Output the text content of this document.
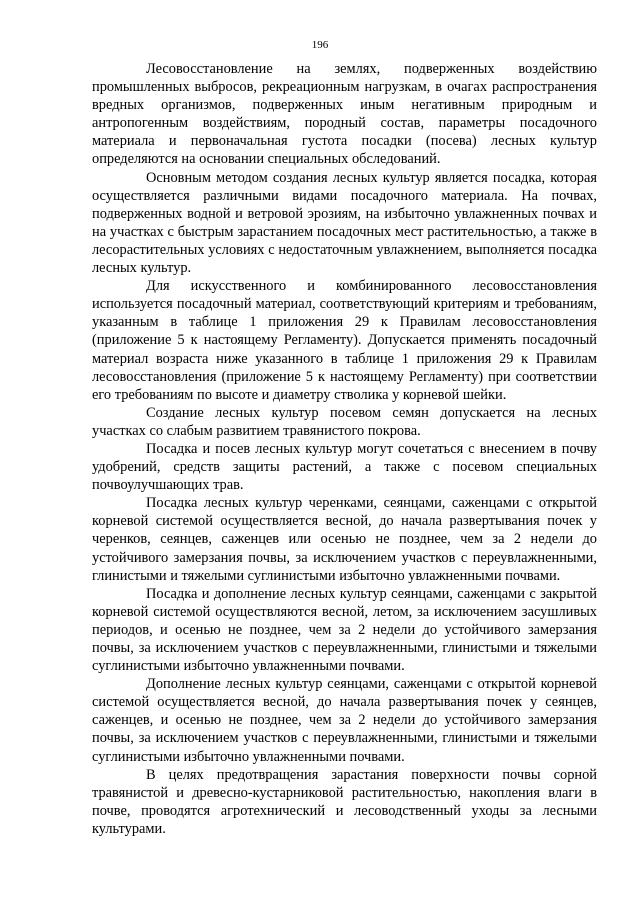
196

Лесовосстановление на землях, подверженных воздействию промышленных выбросов, рекреационным нагрузкам, в очагах распространения вредных организмов, подверженных иным негативным природным и антропогенным воздействиям, породный состав, параметры посадочного материала и первоначальная густота посадки (посева) лесных культур определяются на основании специальных обследований.

Основным методом создания лесных культур является посадка, которая осуществляется различными видами посадочного материала. На почвах, подверженных водной и ветровой эрозиям, на избыточно увлажненных почвах и на участках с быстрым зарастанием посадочных мест растительностью, а также в лесорастительных условиях с недостаточным увлажнением, выполняется посадка лесных культур.

Для искусственного и комбинированного лесовосстановления используется посадочный материал, соответствующий критериям и требованиям, указанным в таблице 1 приложения 29 к Правилам лесовосстановления (приложение 5 к настоящему Регламенту). Допускается применять посадочный материал возраста ниже указанного в таблице 1 приложения 29 к Правилам лесовосстановления (приложение 5 к настоящему Регламенту) при соответствии его требованиям по высоте и диаметру стволика у корневой шейки.

Создание лесных культур посевом семян допускается на лесных участках со слабым развитием травянистого покрова.

Посадка и посев лесных культур могут сочетаться с внесением в почву удобрений, средств защиты растений, а также с посевом специальных почвоулучшающих трав.

Посадка лесных культур черенками, сеянцами, саженцами с открытой корневой системой осуществляется весной, до начала развертывания почек у черенков, сеянцев, саженцев или осенью не позднее, чем за 2 недели до устойчивого замерзания почвы, за исключением участков с переувлажненными, глинистыми и тяжелыми суглинистыми избыточно увлажненными почвами.

Посадка и дополнение лесных культур сеянцами, саженцами с закрытой корневой системой осуществляются весной, летом, за исключением засушливых периодов, и осенью не позднее, чем за 2 недели до устойчивого замерзания почвы, за исключением участков с переувлажненными, глинистыми и тяжелыми суглинистыми избыточно увлажненными почвами.

Дополнение лесных культур сеянцами, саженцами с открытой корневой системой осуществляется весной, до начала развертывания почек у сеянцев, саженцев, и осенью не позднее, чем за 2 недели до устойчивого замерзания почвы, за исключением участков с переувлажненными, глинистыми и тяжелыми суглинистыми избыточно увлажненными почвами.

В целях предотвращения зарастания поверхности почвы сорной травянистой и древесно-кустарниковой растительностью, накопления влаги в почве, проводятся агротехнический и лесоводственный уходы за лесными культурами.
